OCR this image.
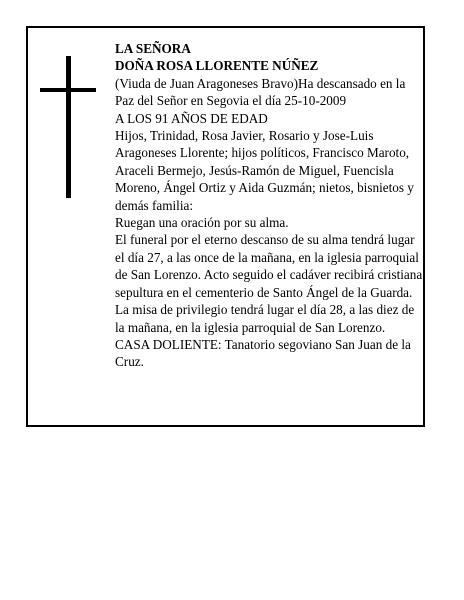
LA SEÑORA

DOÑA ROSA LLORENTE NÚÑEZ

(Viuda de Juan Aragoneses Bravo)Ha descansado en la Paz del Señor en Segovia el día 25-10-2009

A LOS 91 AÑOS DE EDAD

Hijos, Trinidad, Rosa Javier, Rosario y Jose-Luis Aragoneses Llorente; hijos políticos, Francisco Maroto, Araceli Bermejo, Jesús-Ramón de Miguel, Fuencisla Moreno, Ángel Ortiz y Aida Guzmán; nietos, bisnietos y demás familia:

Ruegan una oración por su alma.

El funeral por el eterno descanso de su alma tendrá lugar el día 27, a las once de la mañana, en la iglesia parroquial de San Lorenzo. Acto seguido el cadáver recibirá cristiana sepultura en el cementerio de Santo Ángel de la Guarda. La misa de privilegio tendrá lugar el día 28, a las diez de la mañana, en la iglesia parroquial de San Lorenzo.

CASA DOLIENTE: Tanatorio segoviano San Juan de la Cruz.
